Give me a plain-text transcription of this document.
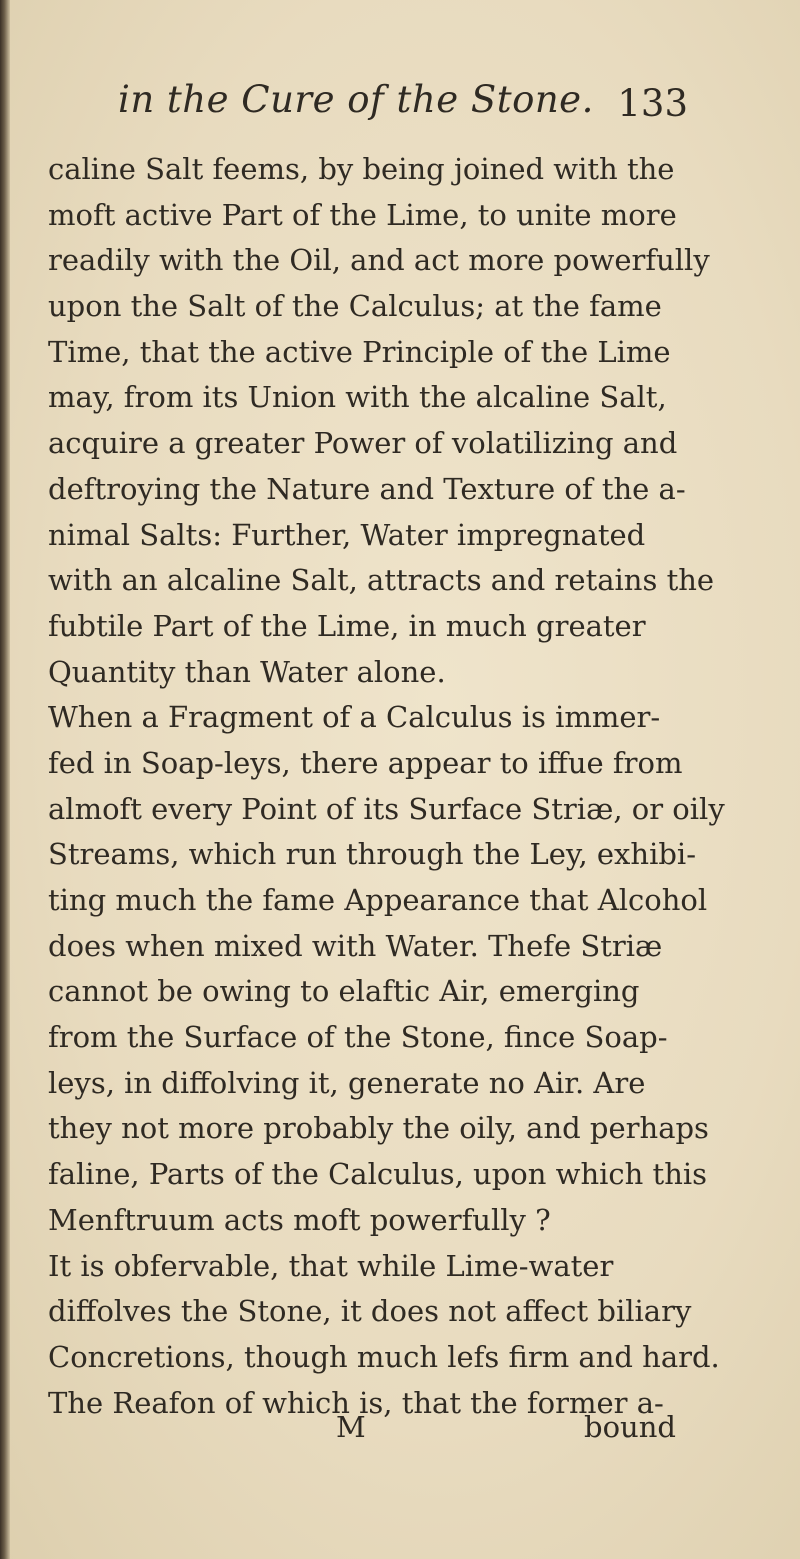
in the Cure of the Stone. 133
caline Salt feems, by being joined with the
moft active Part of the Lime, to unite more
readily with the Oil, and act more powerfully
upon the Salt of the Calculus; at the fame
Time, that the active Principle of the Lime
may, from its Union with the alcaline Salt,
acquire a greater Power of volatilizing and
deftroying the Nature and Texture of the a-
nimal Salts: Further, Water impregnated
with an alcaline Salt, attracts and retains the
fubtile Part of the Lime, in much greater
Quantity than Water alone.
When a Fragment of a Calculus is immer-
fed in Soap-leys, there appear to iffue from
almoft every Point of its Surface Striæ, or oily
Streams, which run through the Ley, exhibi-
ting much the fame Appearance that Alcohol
does when mixed with Water. Thefe Striæ
cannot be owing to elaftic Air, emerging
from the Surface of the Stone, fince Soap-
leys, in diffolving it, generate no Air. Are
they not more probably the oily, and perhaps
faline, Parts of the Calculus, upon which this
Menftruum acts moft powerfully ?
It is obfervable, that while Lime-water
diffolves the Stone, it does not affect biliary
Concretions, though much lefs firm and hard.
The Reafon of which is, that the former a-
M	bound
